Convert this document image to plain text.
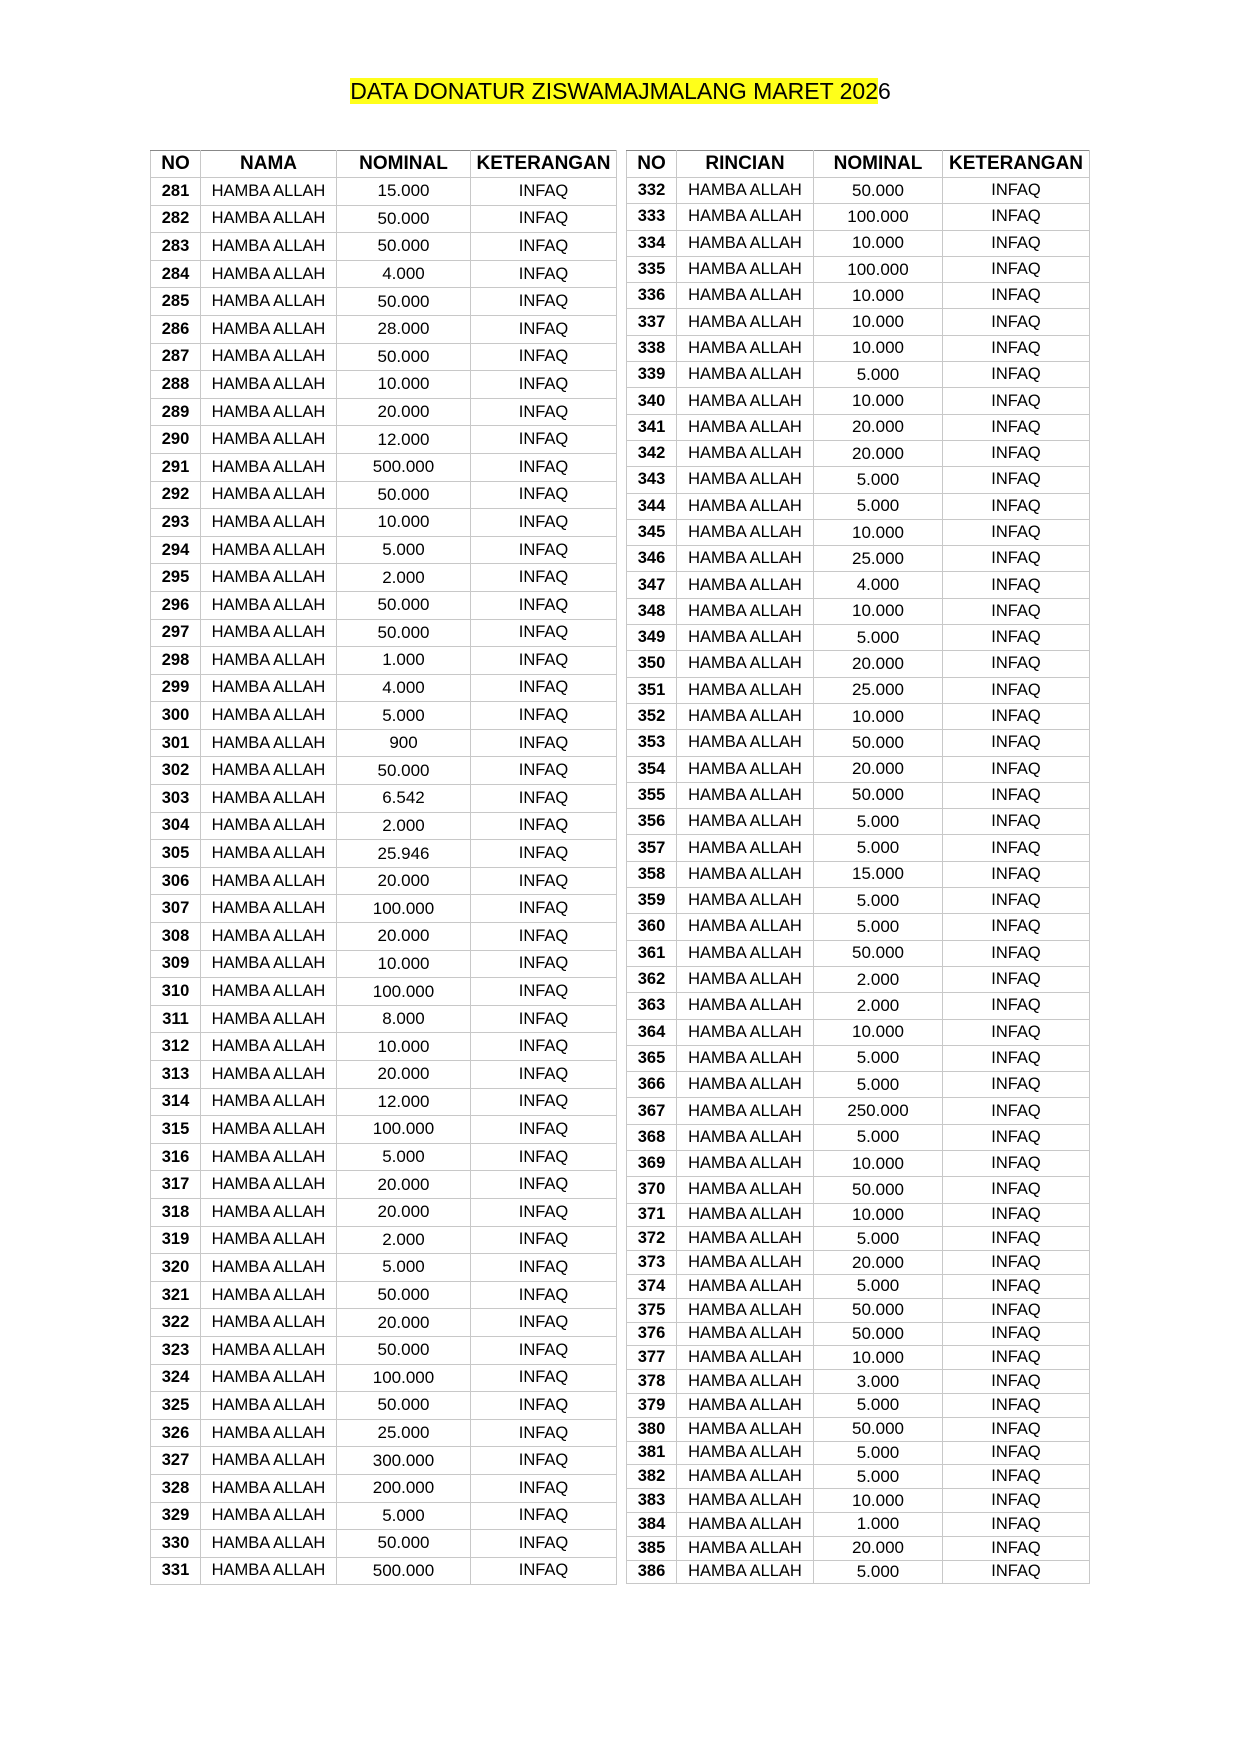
DATA DONATUR ZISWAMAJMALANG MARET 2026
NO	NAMA	NOMINAL	KETERANGAN
281	HAMBA ALLAH	15.000	INFAQ
282	HAMBA ALLAH	50.000	INFAQ
283	HAMBA ALLAH	50.000	INFAQ
284	HAMBA ALLAH	4.000	INFAQ
285	HAMBA ALLAH	50.000	INFAQ
286	HAMBA ALLAH	28.000	INFAQ
287	HAMBA ALLAH	50.000	INFAQ
288	HAMBA ALLAH	10.000	INFAQ
289	HAMBA ALLAH	20.000	INFAQ
290	HAMBA ALLAH	12.000	INFAQ
291	HAMBA ALLAH	500.000	INFAQ
292	HAMBA ALLAH	50.000	INFAQ
293	HAMBA ALLAH	10.000	INFAQ
294	HAMBA ALLAH	5.000	INFAQ
295	HAMBA ALLAH	2.000	INFAQ
296	HAMBA ALLAH	50.000	INFAQ
297	HAMBA ALLAH	50.000	INFAQ
298	HAMBA ALLAH	1.000	INFAQ
299	HAMBA ALLAH	4.000	INFAQ
300	HAMBA ALLAH	5.000	INFAQ
301	HAMBA ALLAH	900	INFAQ
302	HAMBA ALLAH	50.000	INFAQ
303	HAMBA ALLAH	6.542	INFAQ
304	HAMBA ALLAH	2.000	INFAQ
305	HAMBA ALLAH	25.946	INFAQ
306	HAMBA ALLAH	20.000	INFAQ
307	HAMBA ALLAH	100.000	INFAQ
308	HAMBA ALLAH	20.000	INFAQ
309	HAMBA ALLAH	10.000	INFAQ
310	HAMBA ALLAH	100.000	INFAQ
311	HAMBA ALLAH	8.000	INFAQ
312	HAMBA ALLAH	10.000	INFAQ
313	HAMBA ALLAH	20.000	INFAQ
314	HAMBA ALLAH	12.000	INFAQ
315	HAMBA ALLAH	100.000	INFAQ
316	HAMBA ALLAH	5.000	INFAQ
317	HAMBA ALLAH	20.000	INFAQ
318	HAMBA ALLAH	20.000	INFAQ
319	HAMBA ALLAH	2.000	INFAQ
320	HAMBA ALLAH	5.000	INFAQ
321	HAMBA ALLAH	50.000	INFAQ
322	HAMBA ALLAH	20.000	INFAQ
323	HAMBA ALLAH	50.000	INFAQ
324	HAMBA ALLAH	100.000	INFAQ
325	HAMBA ALLAH	50.000	INFAQ
326	HAMBA ALLAH	25.000	INFAQ
327	HAMBA ALLAH	300.000	INFAQ
328	HAMBA ALLAH	200.000	INFAQ
329	HAMBA ALLAH	5.000	INFAQ
330	HAMBA ALLAH	50.000	INFAQ
331	HAMBA ALLAH	500.000	INFAQ
NO	RINCIAN	NOMINAL	KETERANGAN
332	HAMBA ALLAH	50.000	INFAQ
333	HAMBA ALLAH	100.000	INFAQ
334	HAMBA ALLAH	10.000	INFAQ
335	HAMBA ALLAH	100.000	INFAQ
336	HAMBA ALLAH	10.000	INFAQ
337	HAMBA ALLAH	10.000	INFAQ
338	HAMBA ALLAH	10.000	INFAQ
339	HAMBA ALLAH	5.000	INFAQ
340	HAMBA ALLAH	10.000	INFAQ
341	HAMBA ALLAH	20.000	INFAQ
342	HAMBA ALLAH	20.000	INFAQ
343	HAMBA ALLAH	5.000	INFAQ
344	HAMBA ALLAH	5.000	INFAQ
345	HAMBA ALLAH	10.000	INFAQ
346	HAMBA ALLAH	25.000	INFAQ
347	HAMBA ALLAH	4.000	INFAQ
348	HAMBA ALLAH	10.000	INFAQ
349	HAMBA ALLAH	5.000	INFAQ
350	HAMBA ALLAH	20.000	INFAQ
351	HAMBA ALLAH	25.000	INFAQ
352	HAMBA ALLAH	10.000	INFAQ
353	HAMBA ALLAH	50.000	INFAQ
354	HAMBA ALLAH	20.000	INFAQ
355	HAMBA ALLAH	50.000	INFAQ
356	HAMBA ALLAH	5.000	INFAQ
357	HAMBA ALLAH	5.000	INFAQ
358	HAMBA ALLAH	15.000	INFAQ
359	HAMBA ALLAH	5.000	INFAQ
360	HAMBA ALLAH	5.000	INFAQ
361	HAMBA ALLAH	50.000	INFAQ
362	HAMBA ALLAH	2.000	INFAQ
363	HAMBA ALLAH	2.000	INFAQ
364	HAMBA ALLAH	10.000	INFAQ
365	HAMBA ALLAH	5.000	INFAQ
366	HAMBA ALLAH	5.000	INFAQ
367	HAMBA ALLAH	250.000	INFAQ
368	HAMBA ALLAH	5.000	INFAQ
369	HAMBA ALLAH	10.000	INFAQ
370	HAMBA ALLAH	50.000	INFAQ
371	HAMBA ALLAH	10.000	INFAQ
372	HAMBA ALLAH	5.000	INFAQ
373	HAMBA ALLAH	20.000	INFAQ
374	HAMBA ALLAH	5.000	INFAQ
375	HAMBA ALLAH	50.000	INFAQ
376	HAMBA ALLAH	50.000	INFAQ
377	HAMBA ALLAH	10.000	INFAQ
378	HAMBA ALLAH	3.000	INFAQ
379	HAMBA ALLAH	5.000	INFAQ
380	HAMBA ALLAH	50.000	INFAQ
381	HAMBA ALLAH	5.000	INFAQ
382	HAMBA ALLAH	5.000	INFAQ
383	HAMBA ALLAH	10.000	INFAQ
384	HAMBA ALLAH	1.000	INFAQ
385	HAMBA ALLAH	20.000	INFAQ
386	HAMBA ALLAH	5.000	INFAQ
